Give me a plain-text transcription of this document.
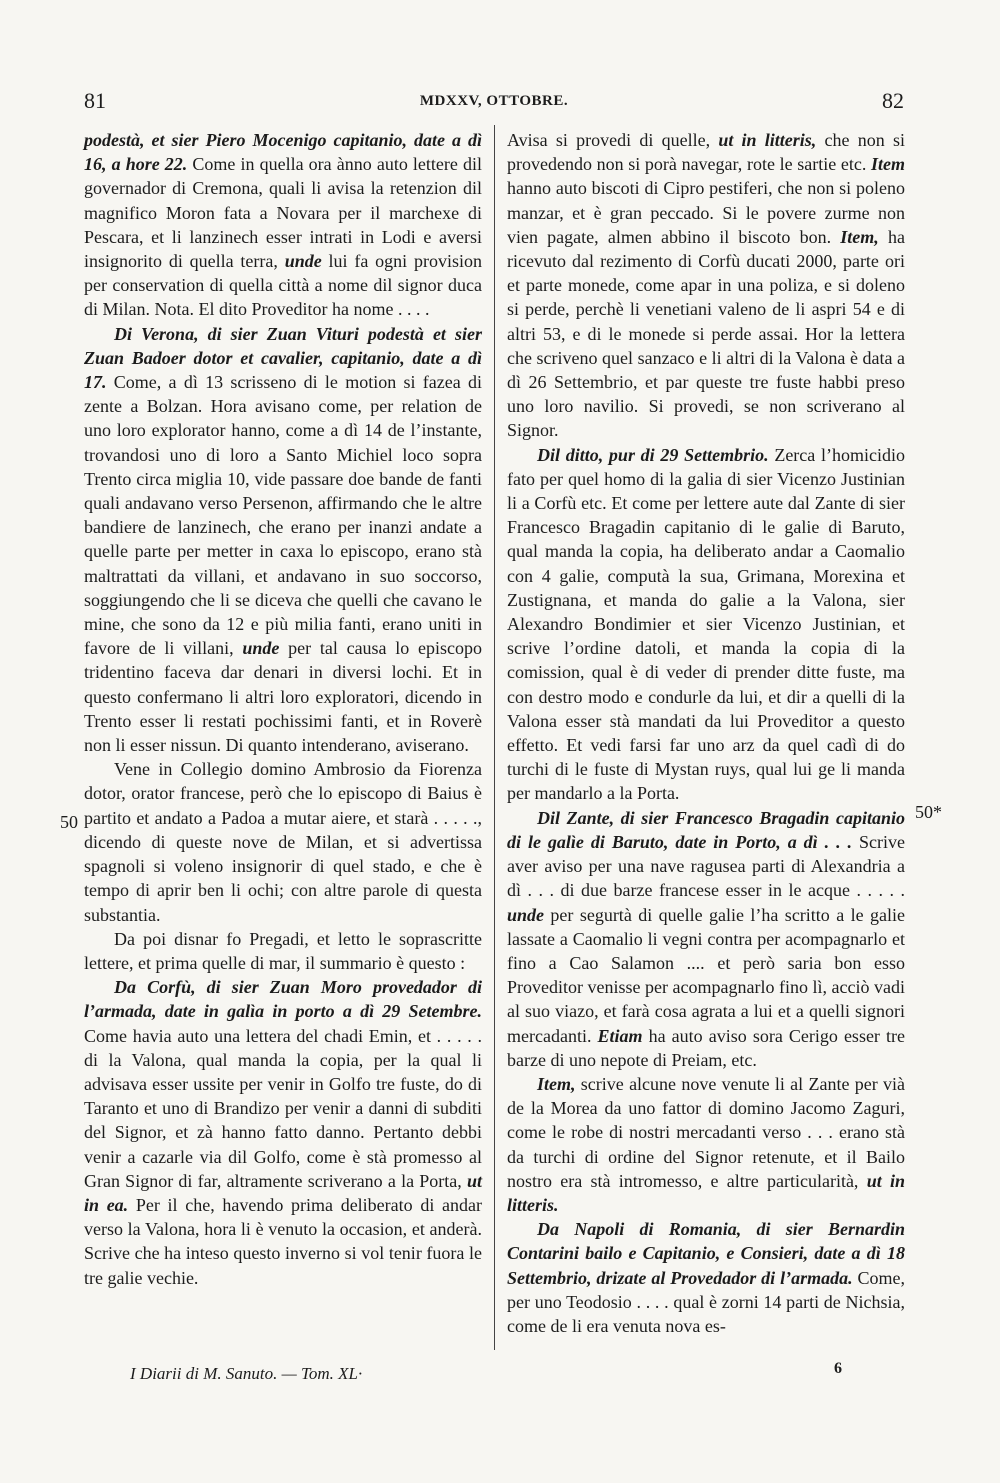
81	MDXXV, OTTOBRE.	82

podestà, et sier Piero Mocenigo capitanio, date a dì 16, a hore 22. Come in quella ora ànno auto lettere dil governador di Cremona, quali li avisa la retenzion dil magnifico Moron fata a Novara per il marchexe di Pescara, et li lanzinech esser intrati in Lodi e aversi insignorito di quella terra, unde lui fa ogni provision per conservation di quella città a nome dil signor duca di Milan. Nota. El dito Proveditor ha nome . . . .

Di Verona, di sier Zuan Vituri podestà et sier Zuan Badoer dotor et cavalier, capitanio, date a dì 17. Come, a dì 13 scrisseno di le motion si fazea di zente a Bolzan. Hora avisano come, per relation de uno loro explorator hanno, come a dì 14 de l’instante, trovandosi uno di loro a Santo Michiel loco sopra Trento circa miglia 10, vide passare doe bande de fanti quali andavano verso Persenon, affirmando che le altre bandiere de lanzinech, che erano per inanzi andate a quelle parte per metter in caxa lo episcopo, erano stà maltrattati da villani, et andavano in suo soccorso, soggiungendo che li se diceva che quelli che cavano le mine, che sono da 12 e più milia fanti, erano uniti in favore de li villani, unde per tal causa lo episcopo tridentino faceva dar denari in diversi lochi. Et in questo confermano li altri loro exploratori, dicendo in Trento esser li restati pochissimi fanti, et in Roverè non li esser nissun. Di quanto intenderano, aviserano.

Vene in Collegio domino Ambrosio da Fiorenza dotor, orator francese, però che lo episcopo di Baius è partito et andato a Padoa a mutar aiere, et starà . . . . ., dicendo di queste nove de Milan, et si advertissa spagnoli si voleno insignorir di quel stado, e che è tempo di aprir ben li ochi; con altre parole di questa substantia.

Da poi disnar fo Pregadi, et letto le soprascritte lettere, et prima quelle di mar, il summario è questo :

Da Corfù, di sier Zuan Moro provedador di l’armada, date in galìa in porto a dì 29 Setembre. Come havia auto una lettera del chadi Emin, et . . . . . di la Valona, qual manda la copia, per la qual li advisava esser ussite per venir in Golfo tre fuste, do di Taranto et uno di Brandizo per venir a danni di subditi del Signor, et zà hanno fatto danno. Pertanto debbi venir a cazarle via dil Golfo, come è stà promesso al Gran Signor di far, altramente scriverano a la Porta, ut in ea. Per il che, havendo prima deliberato di andar verso la Valona, hora li è venuto la occasion, et anderà. Scrive che ha inteso questo inverno si vol tenir fuora le tre galie vechie.

Avisa si provedi di quelle, ut in litteris, che non si provedendo non si porà navegar, rote le sartie etc. Item hanno auto biscoti di Cipro pestiferi, che non si poleno manzar, et è gran peccado. Si le povere zurme non vien pagate, almen abbino il biscoto bon. Item, ha ricevuto dal rezimento di Corfù ducati 2000, parte ori et parte monede, come apar in una poliza, e si doleno si perde, perchè li venetiani valeno de li aspri 54 e di altri 53, e di le monede si perde assai. Hor la lettera che scriveno quel sanzaco e li altri di la Valona è data a dì 26 Settembrio, et par queste tre fuste habbi preso uno loro navilio. Si provedi, se non scriverano al Signor.

Dil ditto, pur di 29 Settembrio. Zerca l’homicidio fato per quel homo di la galia di sier Vicenzo Justinian li a Corfù etc. Et come per lettere aute dal Zante di sier Francesco Bragadin capitanio di le galie di Baruto, qual manda la copia, ha deliberato andar a Caomalio con 4 galie, computà la sua, Grimana, Morexina et Zustignana, et manda do galie a la Valona, sier Alexandro Bondimier et sier Vicenzo Justinian, et scrive l’ordine datoli, et manda la copia di la comission, qual è di veder di prender ditte fuste, ma con destro modo e condurle da lui, et dir a quelli di la Valona esser stà mandati da lui Proveditor a questo effetto. Et vedi farsi far uno arz da quel cadì di do turchi di le fuste di Mystan ruys, qual lui ge li manda per mandarlo a la Porta.

Dil Zante, di sier Francesco Bragadin capitanio di le galìe di Baruto, date in Porto, a dì . . . Scrive aver aviso per una nave ragusea parti di Alexandria a dì . . . di due barze francese esser in le acque . . . . . unde per segurtà di quelle galie l’ha scritto a le galie lassate a Caomalio li vegni contra per acompagnarlo et fino a Cao Salamon .... et però saria bon esso Proveditor venisse per acompagnarlo fino lì, acciò vadi al suo viazo, et farà cosa agrata a lui et a quelli signori mercadanti. Etiam ha auto aviso sora Cerigo esser tre barze di uno nepote di Preiam, etc.

Item, scrive alcune nove venute li al Zante per vià de la Morea da uno fattor di domino Jacomo Zaguri, come le robe di nostri mercadanti verso . . . erano stà da turchi di ordine del Signor retenute, et il Bailo nostro era stà intromesso, e altre particularità, ut in litteris.

Da Napoli di Romania, di sier Bernardin Contarini bailo e Capitanio, e Consieri, date a dì 18 Settembrio, drizate al Provedador di l’armada. Come, per uno Teodosio . . . . qual è zorni 14 parti de Nichsia, come de li era venuta nova es-

50	50*
I Diarii di M. Sanuto. — Tom. XL·	6
